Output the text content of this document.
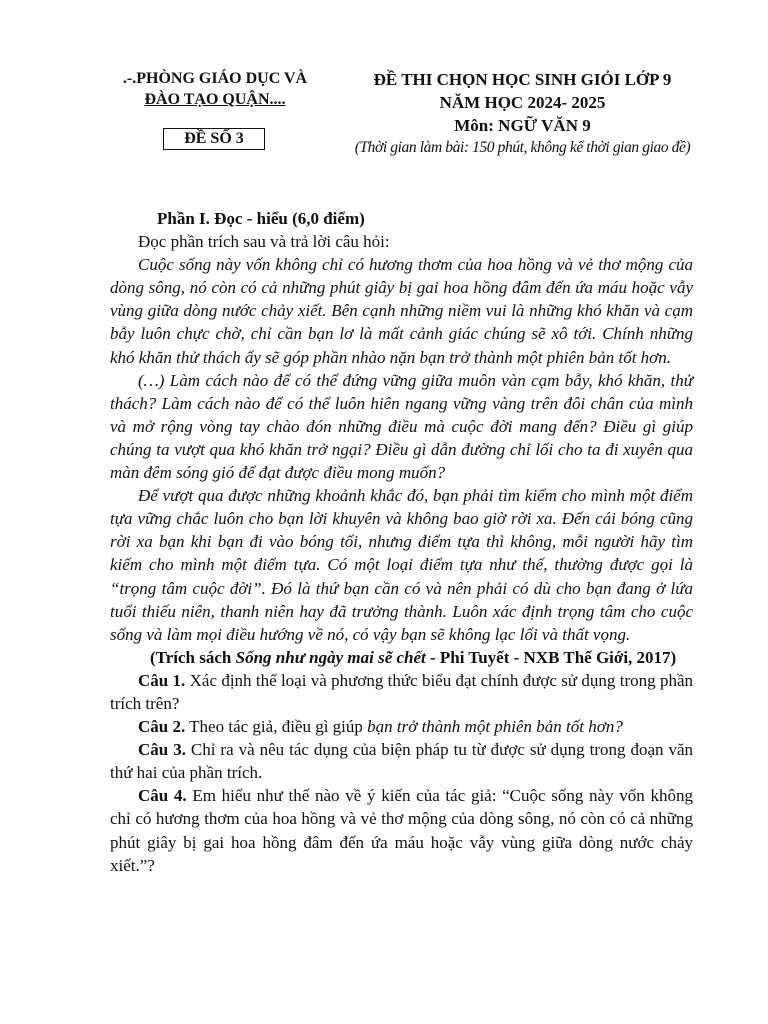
.-.PHÒNG GIÁO DỤC VÀ
ĐÀO TẠO QUẬN....
ĐỀ SỐ 3
ĐỀ THI CHỌN HỌC SINH GIỎI LỚP 9
NĂM HỌC 2024- 2025
Môn: NGỮ VĂN 9
(Thời gian làm bài: 150 phút, không kể thời gian giao đề)

Phần I. Đọc - hiểu (6,0 điểm)

Đọc phần trích sau và trả lời câu hỏi:

Cuộc sống này vốn không chỉ có hương thơm của hoa hồng và vẻ thơ mộng của dòng sông, nó còn có cả những phút giây bị gai hoa hồng đâm đến ứa máu hoặc vẫy vùng giữa dòng nước chảy xiết. Bên cạnh những niềm vui là những khó khăn và cạm bẫy luôn chực chờ, chỉ cần bạn lơ là mất cảnh giác chúng sẽ xô tới. Chính những khó khăn thử thách ấy sẽ góp phần nhào nặn bạn trở thành một phiên bản tốt hơn.

(…) Làm cách nào để có thể đứng vững giữa muôn vàn cạm bẫy, khó khăn, thử thách? Làm cách nào để có thể luôn hiên ngang vững vàng trên đôi chân của mình và mở rộng vòng tay chào đón những điều mà cuộc đời mang đến? Điều gì giúp chúng ta vượt qua khó khăn trở ngại? Điều gì dẫn đường chỉ lối cho ta đi xuyên qua màn đêm sóng gió để đạt được điều mong muốn?

Để vượt qua được những khoảnh khắc đó, bạn phải tìm kiếm cho mình một điểm tựa vững chắc luôn cho bạn lời khuyên và không bao giờ rời xa. Đến cái bóng cũng rời xa bạn khi bạn đi vào bóng tối, nhưng điểm tựa thì không, mỗi người hãy tìm kiếm cho mình một điểm tựa. Có một loại điểm tựa như thế, thường được gọi là “trọng tâm cuộc đời”. Đó là thứ bạn cần có và nên phải có dù cho bạn đang ở lứa tuổi thiếu niên, thanh niên hay đã trưởng thành. Luôn xác định trọng tâm cho cuộc sống và làm mọi điều hướng về nó, có vậy bạn sẽ không lạc lối và thất vọng.

(Trích sách Sống như ngày mai sẽ chết - Phi Tuyết - NXB Thế Giới, 2017)

Câu 1. Xác định thể loại và phương thức biểu đạt chính được sử dụng trong phần trích trên?

Câu 2. Theo tác giả, điều gì giúp bạn trở thành một phiên bản tốt hơn?

Câu 3. Chỉ ra và nêu tác dụng của biện pháp tu từ được sử dụng trong đoạn văn thứ hai của phần trích.

Câu 4. Em hiểu như thế nào về ý kiến của tác giả: “Cuộc sống này vốn không chỉ có hương thơm của hoa hồng và vẻ thơ mộng của dòng sông, nó còn có cả những phút giây bị gai hoa hồng đâm đến ứa máu hoặc vẫy vùng giữa dòng nước chảy xiết.”?
